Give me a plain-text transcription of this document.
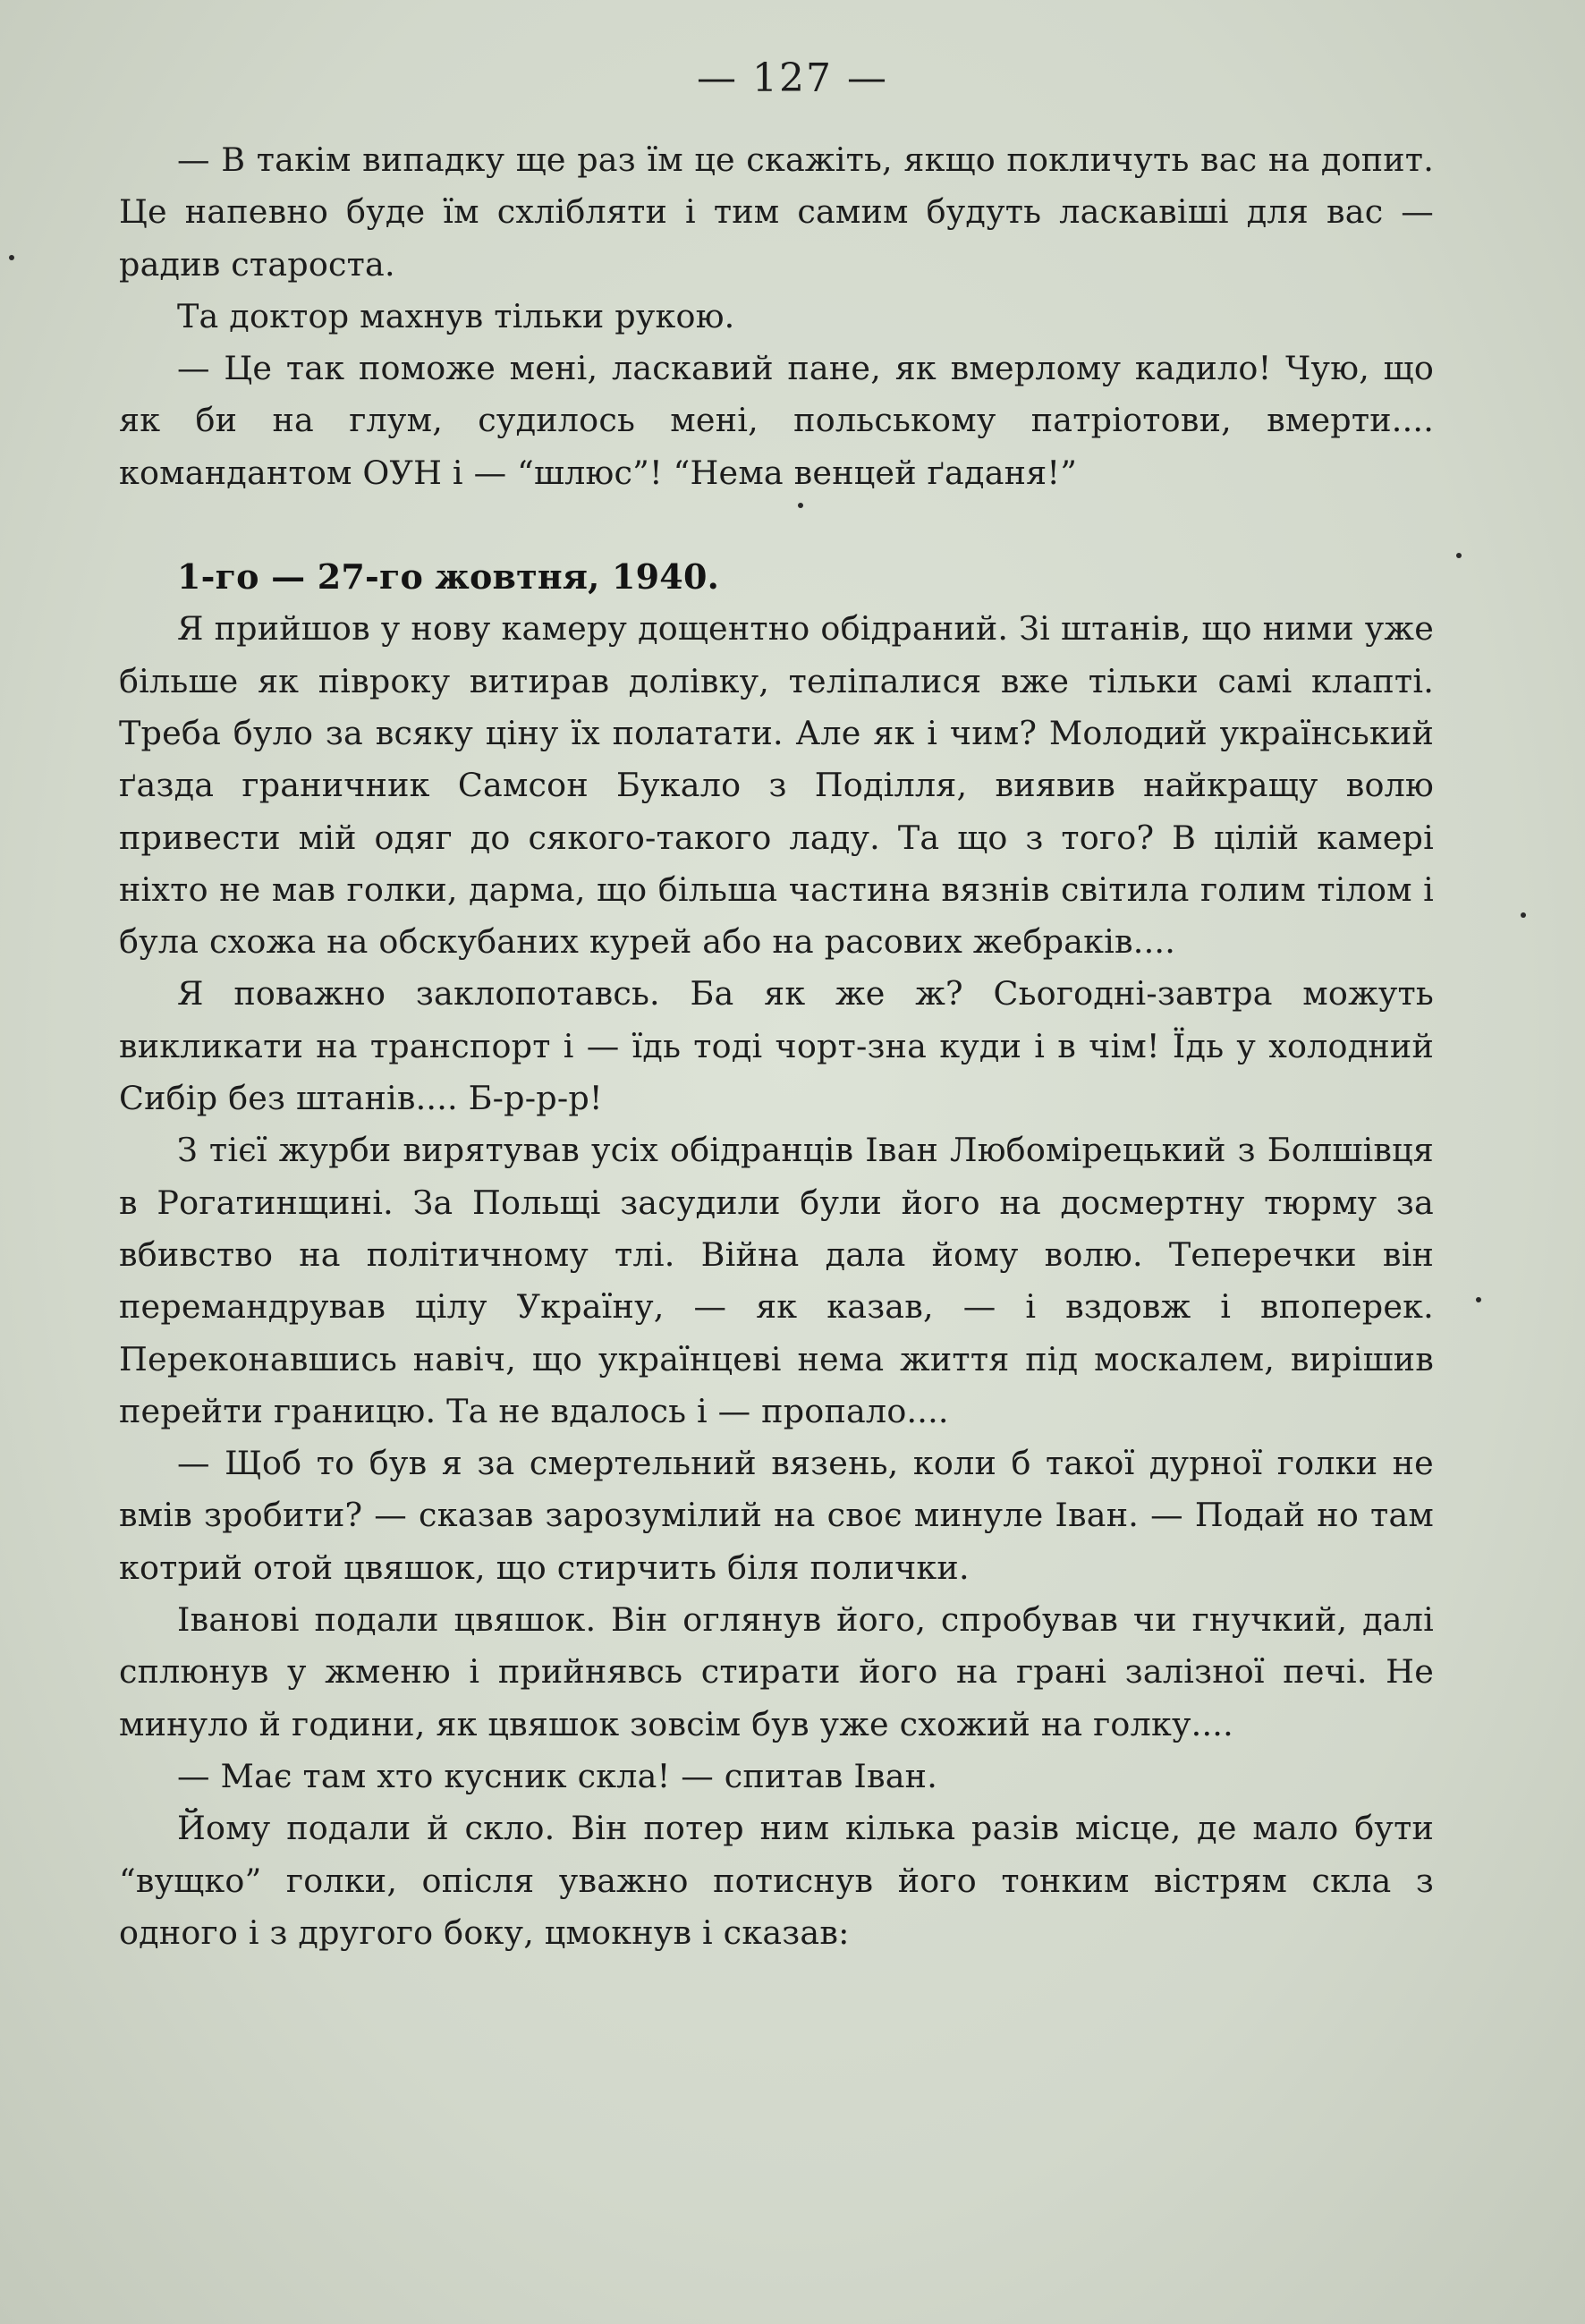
— 127 —

— В такім випадку ще раз їм це скажіть, якщо покличуть вас на допит. Це напевно буде їм схлібляти і тим самим будуть ласкавіші для вас — радив староста.

Та доктор махнув тільки рукою.

— Це так поможе мені, ласкавий пане, як вмерлому кадило! Чую, що як би на глум, судилось мені, польському патріотови, вмерти.... командантом ОУН і — “шлюс”! “Нема венцей ґаданя!”

1-го — 27-го жовтня, 1940.

Я прийшов у нову камеру дощентно обідраний. Зі штанів, що ними уже більше як півроку витирав долівку, теліпалися вже тільки самі клапті. Треба було за всяку ціну їх полатати. Але як і чим? Молодий український ґазда граничник Самсон Букало з Поділля, виявив найкращу волю привести мій одяг до сякого-такого ладу. Та що з того? В цілій камері ніхто не мав голки, дарма, що більша частина вязнів світила голим тілом і була схожа на обскубаних курей або на расових жебраків....

Я поважно заклопотавсь. Ба як же ж? Сьогодні-завтра можуть викликати на транспорт і — їдь тоді чорт-зна куди і в чім! Їдь у холодний Сибір без штанів.... Б-р-р-р!

З тієї журби вирятував усіх обідранців Іван Любомірецький з Болшівця в Рогатинщині. За Польщі засудили були його на досмертну тюрму за вбивство на політичному тлі. Війна дала йому волю. Теперечки він перемандрував цілу Україну, — як казав, — і вздовж і впоперек. Переконавшись навіч, що українцеві нема життя під москалем, вирішив перейти границю. Та не вдалось і — пропало....

— Щоб то був я за смертельний вязень, коли б такої дурної голки не вмів зробити? — сказав зарозумілий на своє минуле Іван. — Подай но там котрий отой цвяшок, що стирчить біля полички.

Іванові подали цвяшок. Він оглянув його, спробував чи гнучкий, далі сплюнув у жменю і прийнявсь стирати його на грані залізної печі. Не минуло й години, як цвяшок зовсім був уже схожий на голку....

— Має там хто кусник скла! — спитав Іван.

Йому подали й скло. Він потер ним кілька разів місце, де мало бути “вущко” голки, опісля уважно потиснув його тонким вістрям скла з одного і з другого боку, цмокнув і сказав:
